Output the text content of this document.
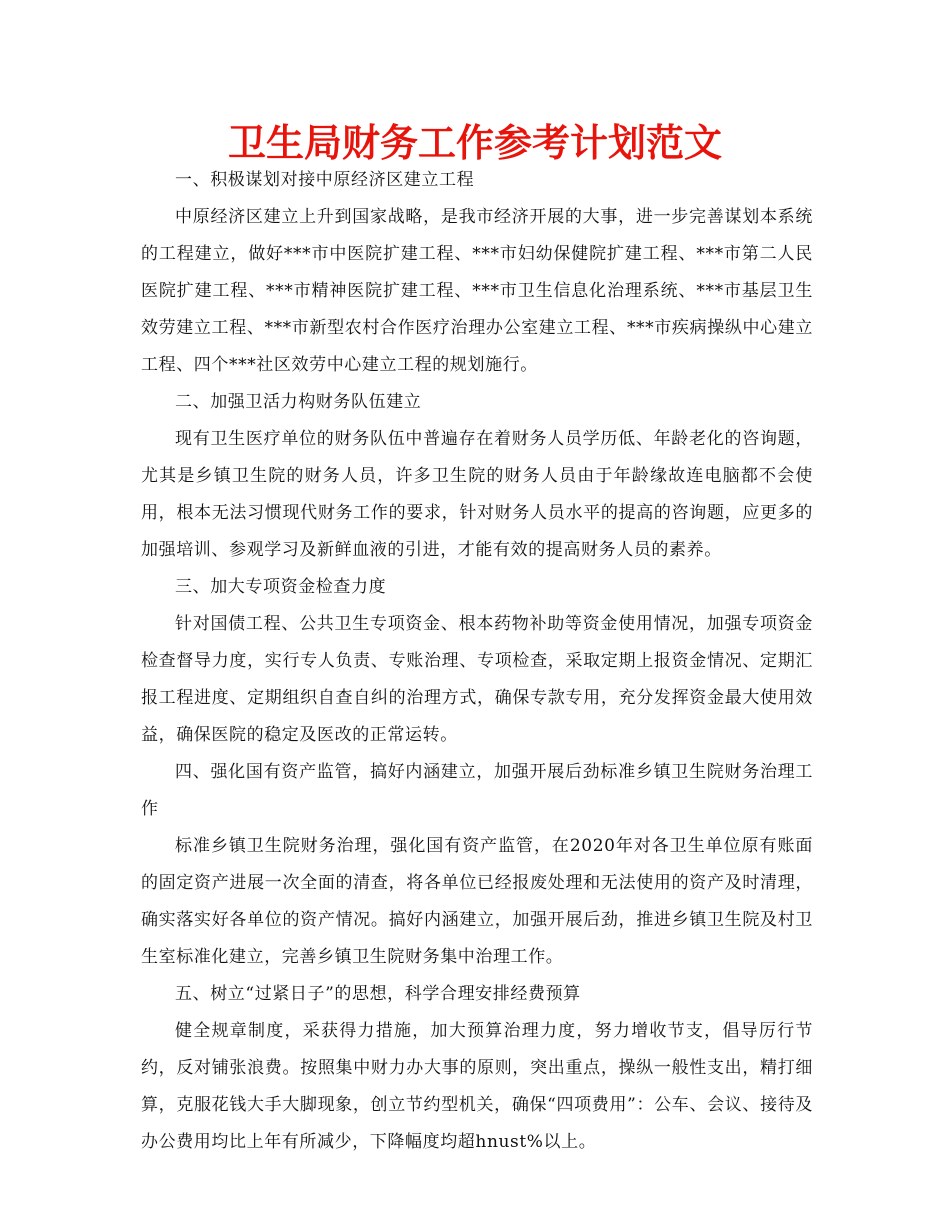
卫生局财务工作参考计划范文

一、积极谋划对接中原经济区建立工程

中原经济区建立上升到国家战略，是我市经济开展的大事，进一步完善谋划本系统的工程建立，做好***市中医院扩建工程、***市妇幼保健院扩建工程、***市第二人民医院扩建工程、***市精神医院扩建工程、***市卫生信息化治理系统、***市基层卫生效劳建立工程、***市新型农村合作医疗治理办公室建立工程、***市疾病操纵中心建立工程、四个***社区效劳中心建立工程的规划施行。

二、加强卫活力构财务队伍建立

现有卫生医疗单位的财务队伍中普遍存在着财务人员学历低、年龄老化的咨询题，尤其是乡镇卫生院的财务人员，许多卫生院的财务人员由于年龄缘故连电脑都不会使用，根本无法习惯现代财务工作的要求，针对财务人员水平的提高的咨询题，应更多的加强培训、参观学习及新鲜血液的引进，才能有效的提高财务人员的素养。

三、加大专项资金检查力度

针对国债工程、公共卫生专项资金、根本药物补助等资金使用情况，加强专项资金检查督导力度，实行专人负责、专账治理、专项检查，采取定期上报资金情况、定期汇报工程进度、定期组织自查自纠的治理方式，确保专款专用，充分发挥资金最大使用效益，确保医院的稳定及医改的正常运转。

四、强化国有资产监管，搞好内涵建立，加强开展后劲标准乡镇卫生院财务治理工作

标准乡镇卫生院财务治理，强化国有资产监管，在2020年对各卫生单位原有账面的固定资产进展一次全面的清查，将各单位已经报废处理和无法使用的资产及时清理，确实落实好各单位的资产情况。搞好内涵建立，加强开展后劲，推进乡镇卫生院及村卫生室标准化建立，完善乡镇卫生院财务集中治理工作。

五、树立“过紧日子”的思想，科学合理安排经费预算

健全规章制度，采获得力措施，加大预算治理力度，努力增收节支，倡导厉行节约，反对铺张浪费。按照集中财力办大事的原则，突出重点，操纵一般性支出，精打细算，克服花钱大手大脚现象，创立节约型机关，确保“四项费用”：公车、会议、接待及办公费用均比上年有所减少，下降幅度均超hnust%以上。
